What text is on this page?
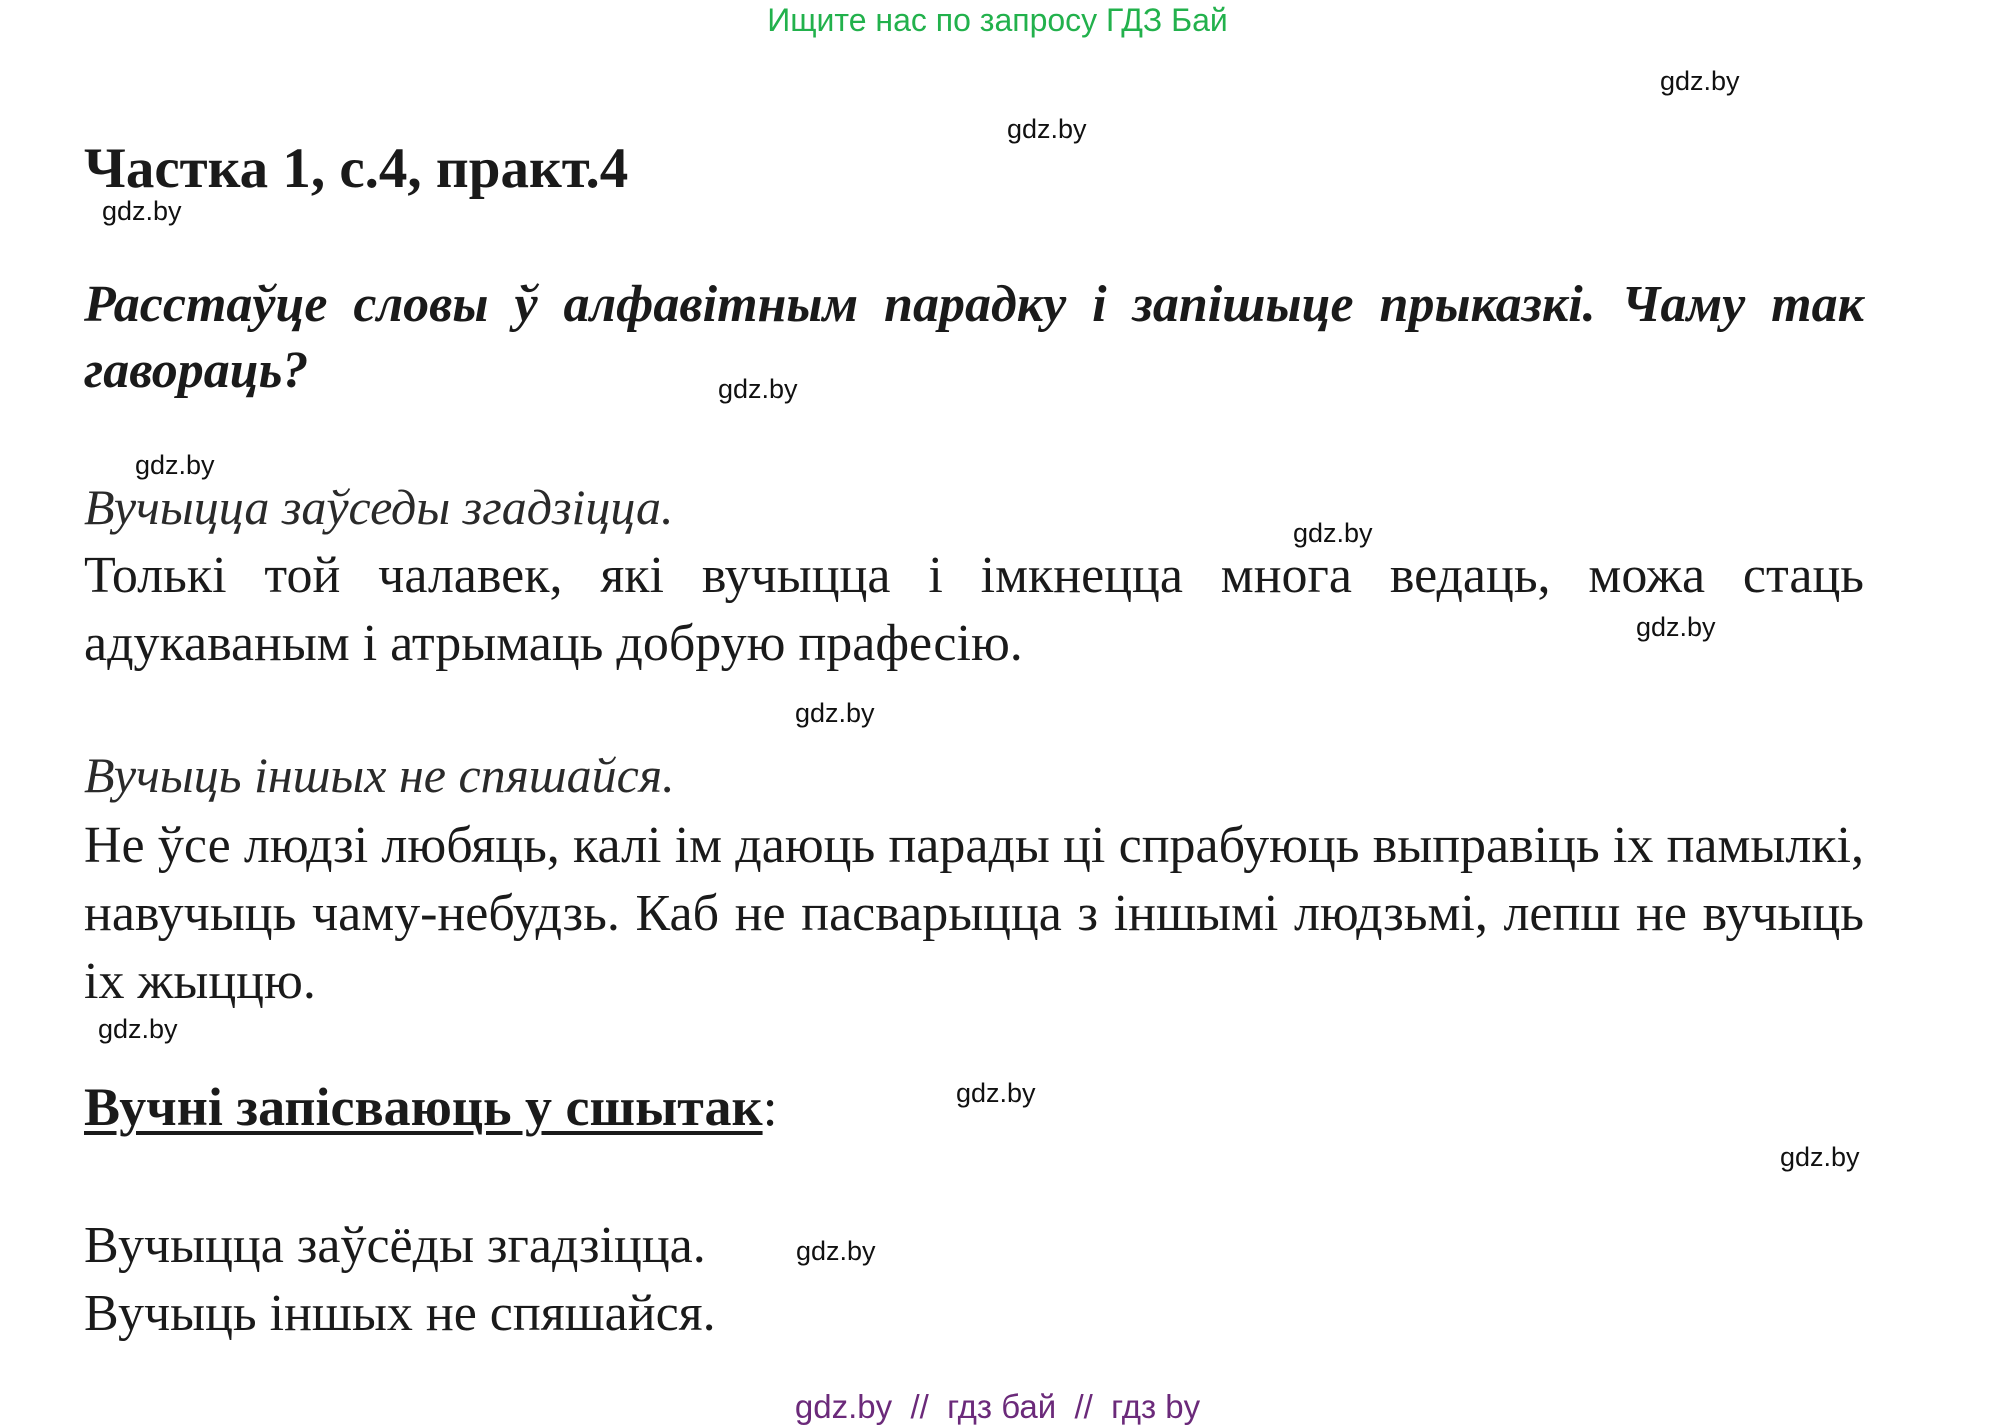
Ищите нас по запросу ГДЗ Бай
gdz.by
gdz.by
gdz.by
gdz.by
gdz.by
gdz.by
gdz.by
gdz.by
gdz.by
gdz.by
gdz.by
gdz.by
Частка 1, с.4, практ.4
Расстаўце словы ў алфавітным парадку і запішыце прыказкі. Чаму так гавораць?
Вучыцца заўседы згадзіцца.
Толькі той чалавек, які вучыцца і імкнецца многа ведаць, можа стаць адукаваным і атрымаць добрую прафесію.
Вучыць іншых не спяшайся.
Не ўсе людзі любяць, калі ім даюць парады ці спрабуюць выправіць іх памылкі, навучыць чаму-небудзь. Каб не пасварыцца з іншымі людзьмі, лепш не вучыць іх жыццю.
Вучні запісваюць у сшытак:
Вучыцца заўсёды згадзіцца.
Вучыць іншых не спяшайся.
gdz.by  //  гдз бай  //  гдз by
